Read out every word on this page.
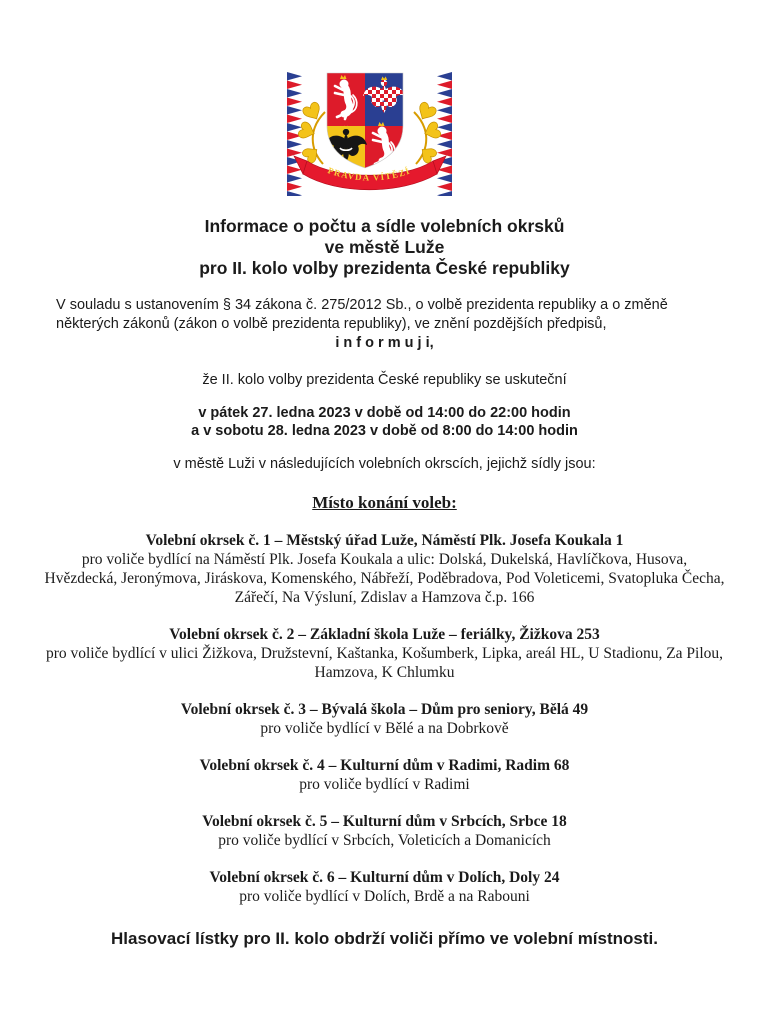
PRAVDA VÍTĚZÍ
Informace o počtu a sídle volebních okrsků
ve městě Luže
pro II. kolo volby prezidenta České republiky
V souladu s ustanovením § 34 zákona č. 275/2012 Sb., o volbě prezidenta republiky a o změně některých zákonů (zákon o volbě prezidenta republiky), ve znění pozdějších předpisů,
i n f o r m u j i,
že II. kolo volby prezidenta České republiky se uskuteční
v pátek 27. ledna 2023 v době od 14:00 do 22:00 hodin
a v sobotu 28. ledna 2023 v době od 8:00 do 14:00 hodin
v městě Luži v následujících volebních okrscích, jejichž sídly jsou:
Místo konání voleb:
Volební okrsek č. 1 – Městský úřad Luže, Náměstí Plk. Josefa Koukala 1
pro voliče bydlící na Náměstí Plk. Josefa Koukala a ulic: Dolská, Dukelská, Havlíčkova, Husova, Hvězdecká, Jeronýmova, Jiráskova, Komenského, Nábřeží, Poděbradova, Pod Voleticemi, Svatopluka Čecha, Zářečí, Na Výsluní, Zdislav a Hamzova č.p. 166
Volební okrsek č. 2 – Základní škola Luže – feriálky, Žižkova 253
pro voliče bydlící v ulici Žižkova, Družstevní, Kaštanka, Košumberk, Lipka, areál HL, U Stadionu, Za Pilou, Hamzova, K Chlumku
Volební okrsek č. 3 – Bývalá škola – Dům pro seniory, Bělá 49
pro voliče bydlící v Bělé a na Dobrkově
Volební okrsek č. 4 – Kulturní dům v Radimi, Radim 68
pro voliče bydlící v Radimi
Volební okrsek č. 5 – Kulturní dům v Srbcích, Srbce 18
pro voliče bydlící v Srbcích, Voleticích a Domanicích
Volební okrsek č. 6 – Kulturní dům v Dolích, Doly 24
pro voliče bydlící v Dolích, Brdě a na Rabouni
Hlasovací lístky pro II. kolo obdrží voliči přímo ve volební místnosti.
